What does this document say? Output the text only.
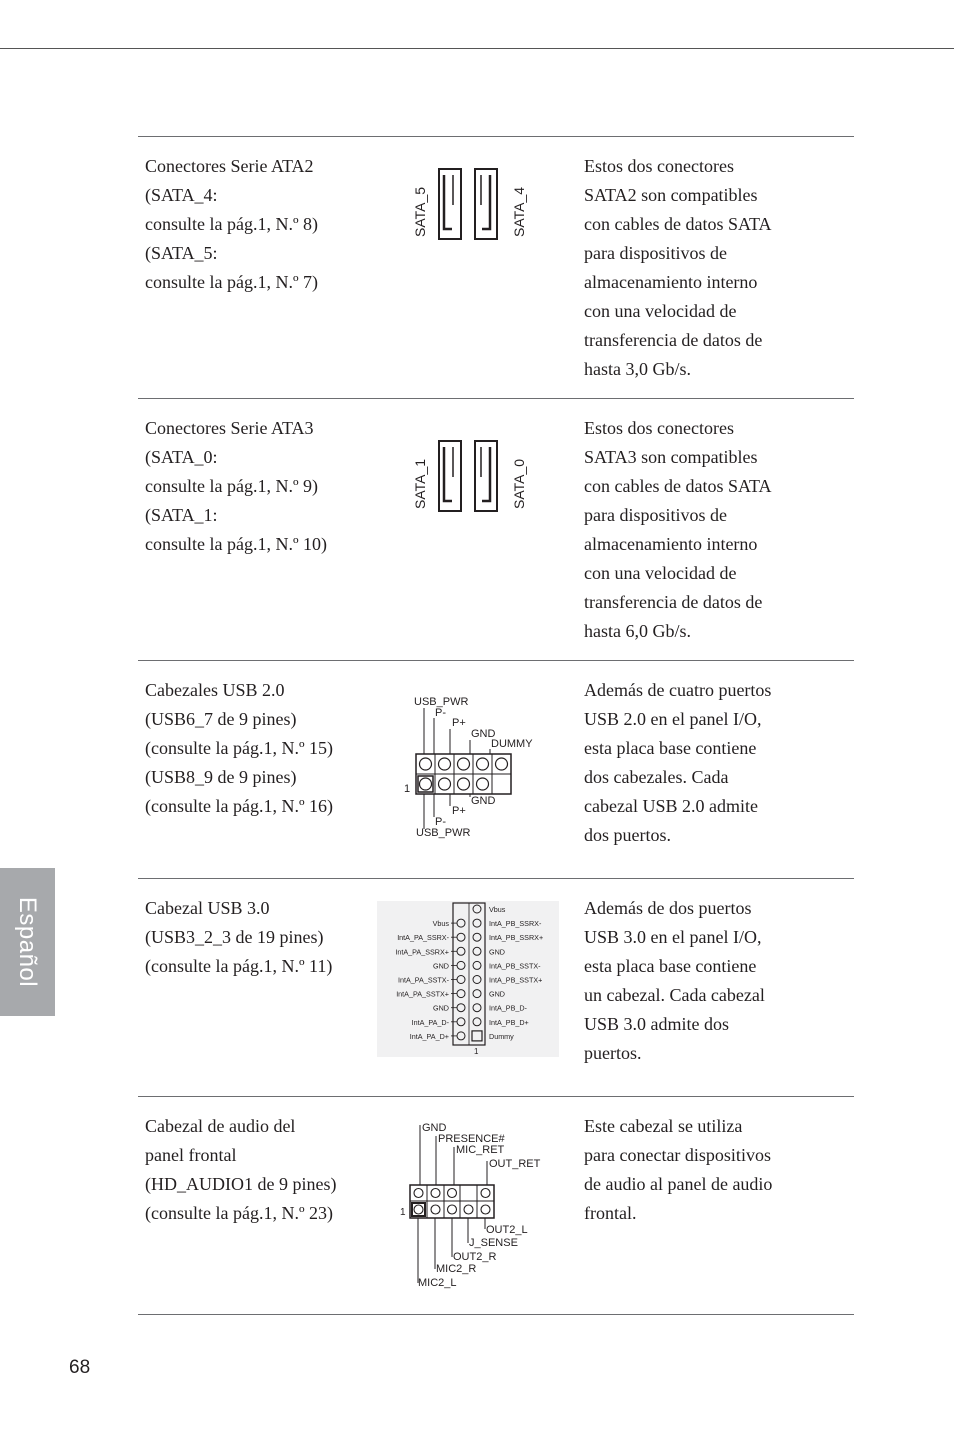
Español
68
Conectores Serie ATA2
(SATA_4:
consulte la pág.1, N.º 8)
(SATA_5:
consulte la pág.1, N.º 7)
SATA_5	SATA_4
Estos dos conectores
SATA2 son compatibles
con cables de datos SATA
para dispositivos de
almacenamiento interno
con una velocidad de
transferencia de datos de
hasta 3,0 Gb/s.
Conectores Serie ATA3
(SATA_0:
consulte la pág.1, N.º 9)
(SATA_1:
consulte la pág.1, N.º 10)
SATA_1	SATA_0
Estos dos conectores
SATA3 son compatibles
con cables de datos SATA
para dispositivos de
almacenamiento interno
con una velocidad de
transferencia de datos de
hasta 6,0 Gb/s.
Cabezales USB 2.0
(USB6_7 de 9 pines)
(consulte la pág.1, N.º 15)
(USB8_9 de 9 pines)
(consulte la pág.1, N.º 16)
USB_PWR
P-
P+
GND
DUMMY
1
GND
P+
P-
USB_PWR
Además de cuatro puertos
USB 2.0 en el panel I/O,
esta placa base contiene
dos cabezales. Cada
cabezal USB 2.0 admite
dos puertos.
Cabezal USB 3.0
(USB3_2_3 de 19 pines)
(consulte la pág.1, N.º 11)
Vbus
IntA_PA_SSRX-
IntA_PA_SSRX+
GND
IntA_PA_SSTX-
IntA_PA_SSTX+
GND
IntA_PA_D-
IntA_PA_D+
Vbus
IntA_PB_SSRX-
IntA_PB_SSRX+
GND
IntA_PB_SSTX-
IntA_PB_SSTX+
GND
IntA_PB_D-
IntA_PB_D+
Dummy
1
Además de dos puertos
USB 3.0 en el panel I/O,
esta placa base contiene
un cabezal. Cada cabezal
USB 3.0 admite dos
puertos.
Cabezal de audio del
panel frontal
(HD_AUDIO1 de 9 pines)
(consulte la pág.1, N.º 23)
GND
PRESENCE#
MIC_RET
OUT_RET
1
OUT2_L
J_SENSE
OUT2_R
MIC2_R
MIC2_L
Este cabezal se utiliza
para conectar dispositivos
de audio al panel de audio
frontal.
